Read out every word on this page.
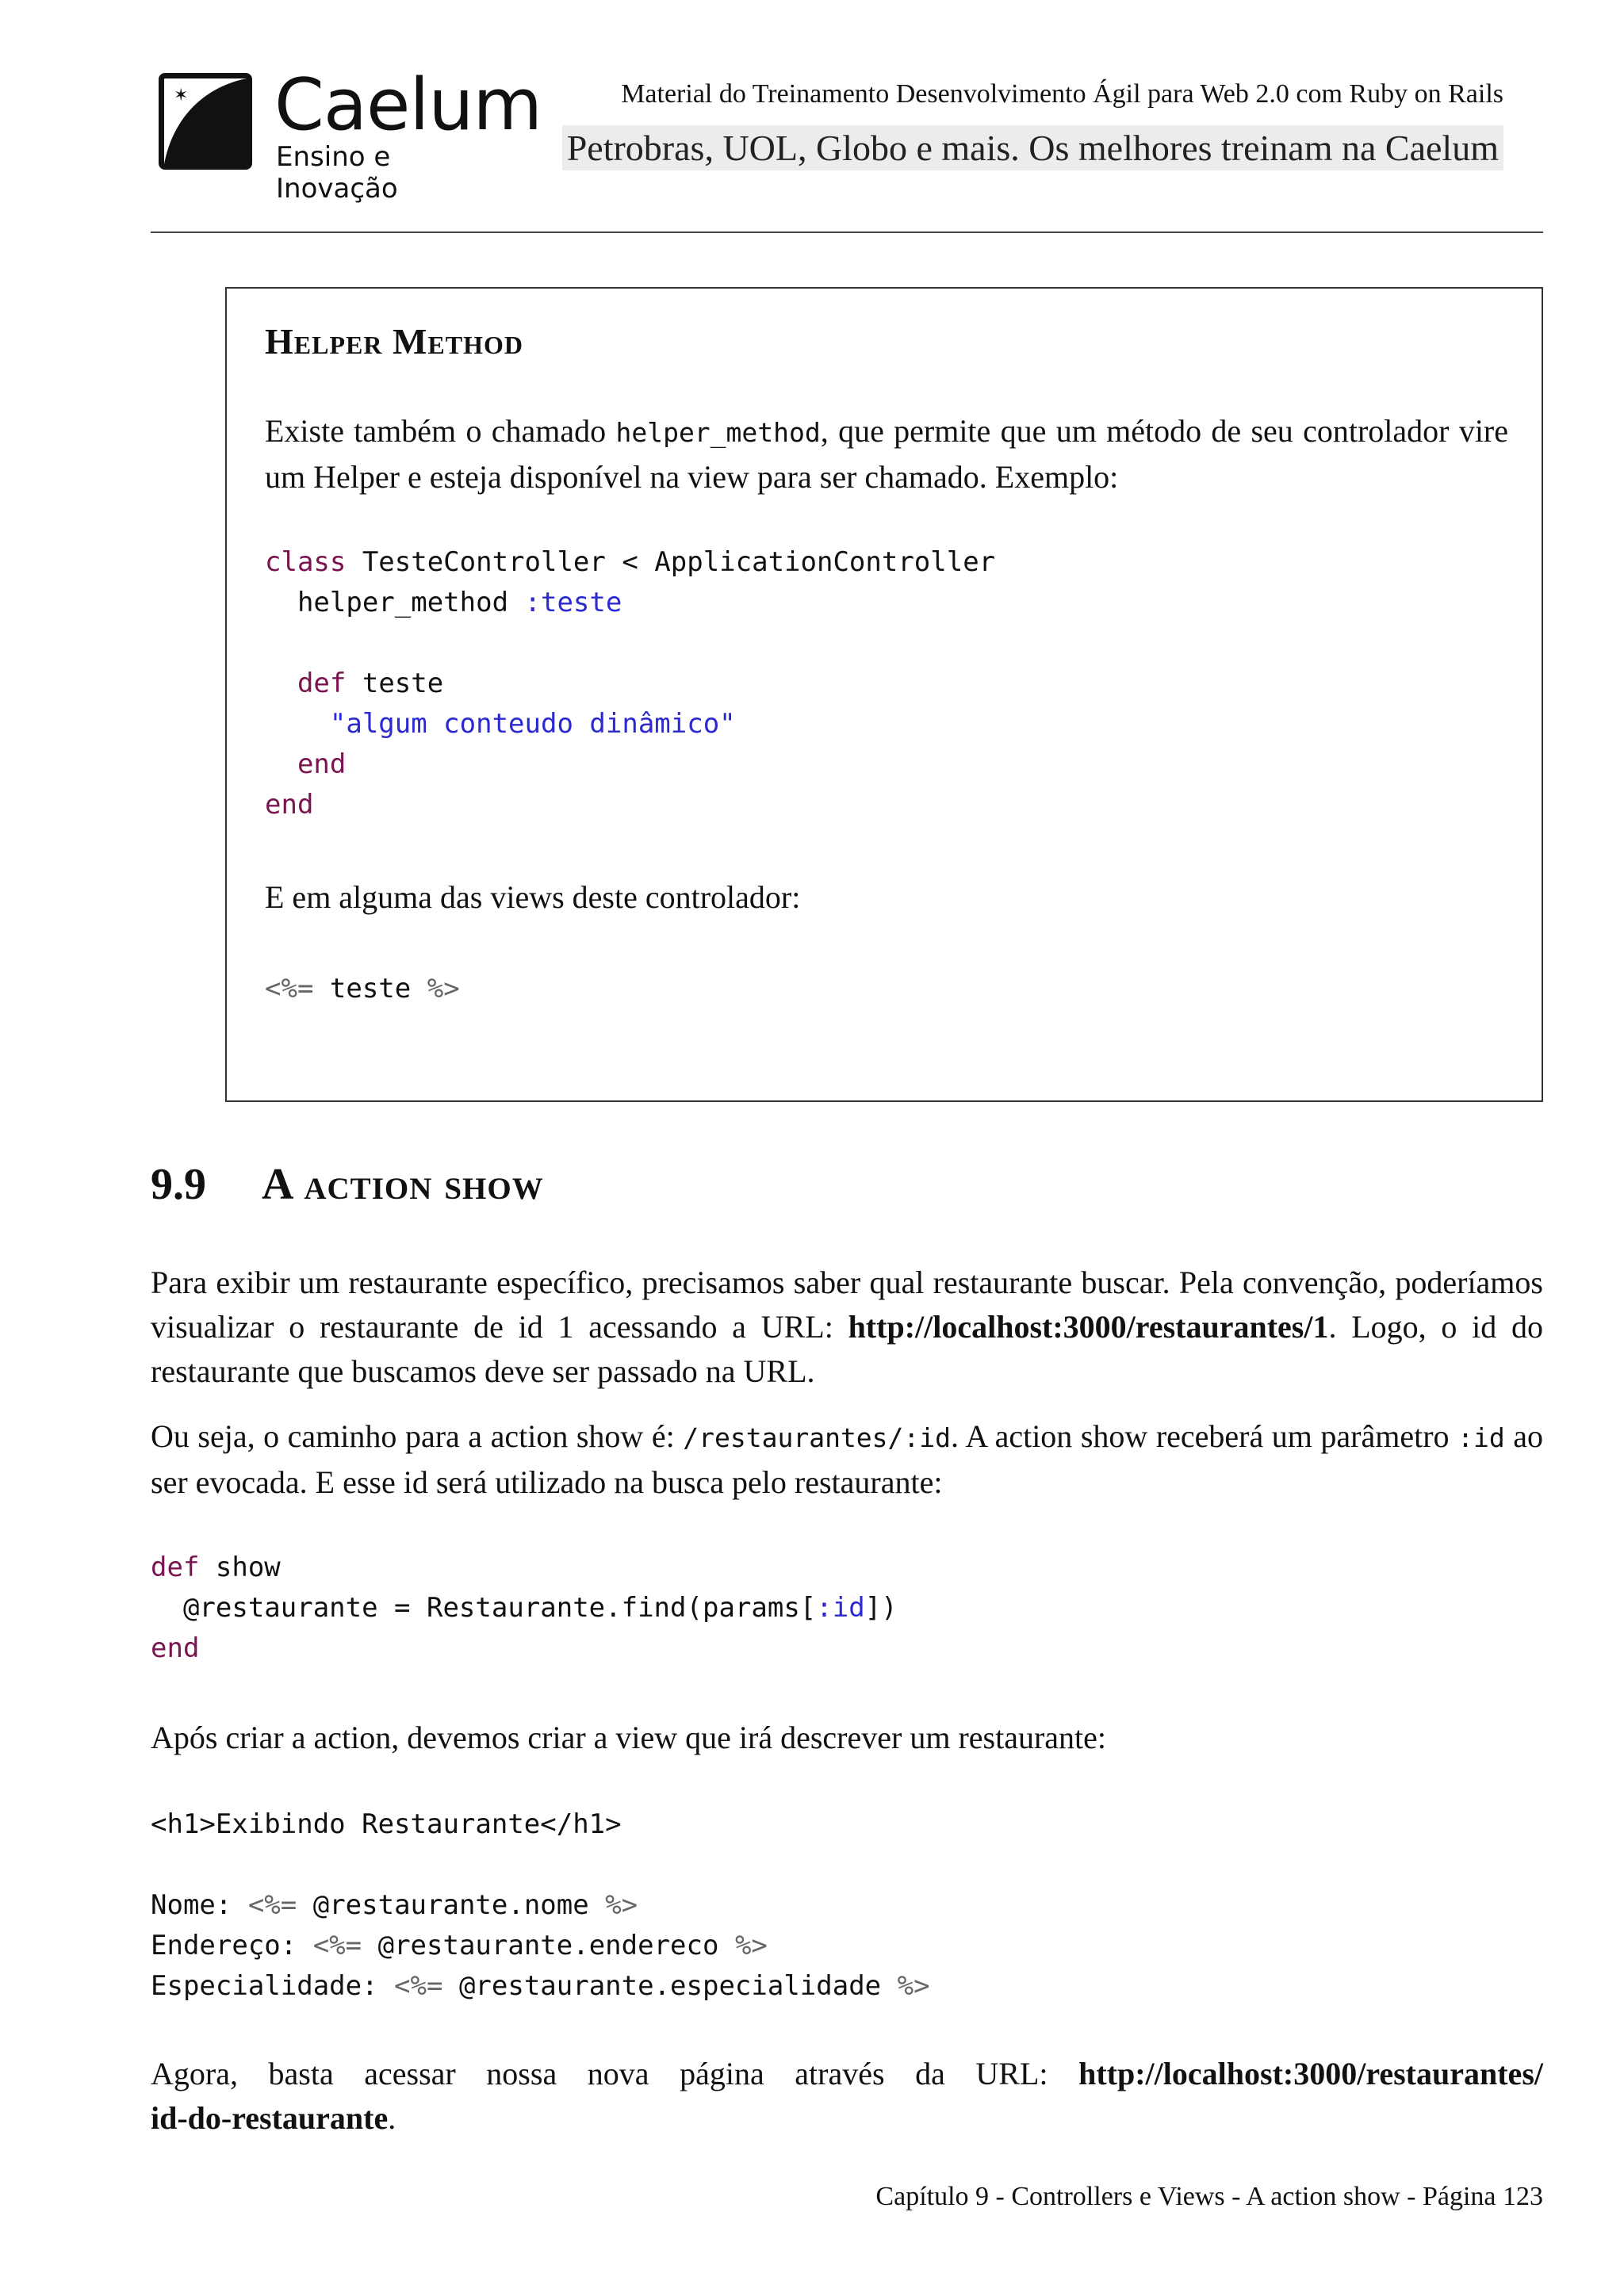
✶ Caelum
Ensino e Inovação
Material do Treinamento Desenvolvimento Ágil para Web 2.0 com Ruby on Rails
Petrobras, UOL, Globo e mais. Os melhores treinam na Caelum
Helper Method

Existe também o chamado helper_method, que permite que um método de seu controlador vire um Helper e esteja disponível na view para ser chamado. Exemplo:

class TesteController < ApplicationController
helper_method :teste

def teste
"algum conteudo dinâmico"
end
end

E em alguma das views deste controlador:

<%= teste %>
9.9 A action show

Para exibir um restaurante específico, precisamos saber qual restaurante buscar. Pela convenção, poderíamos visualizar o restaurante de id 1 acessando a URL: http://localhost:3000/restaurantes/1. Logo, o id do restaurante que buscamos deve ser passado na URL.

Ou seja, o caminho para a action show é: /restaurantes/:id. A action show receberá um parâmetro :id ao ser evocada. E esse id será utilizado na busca pelo restaurante:

def show
@restaurante = Restaurante.find(params[:id])
end

Após criar a action, devemos criar a view que irá descrever um restaurante:

<h1>Exibindo Restaurante</h1>

Nome: <%= @restaurante.nome %>
Endereço: <%= @restaurante.endereco %>
Especialidade: <%= @restaurante.especialidade %>

Agora, basta acessar nossa nova página através da URL: http://localhost:3000/restaurantes/
id-do-restaurante.

Capítulo 9 - Controllers e Views - A action show - Página 123
